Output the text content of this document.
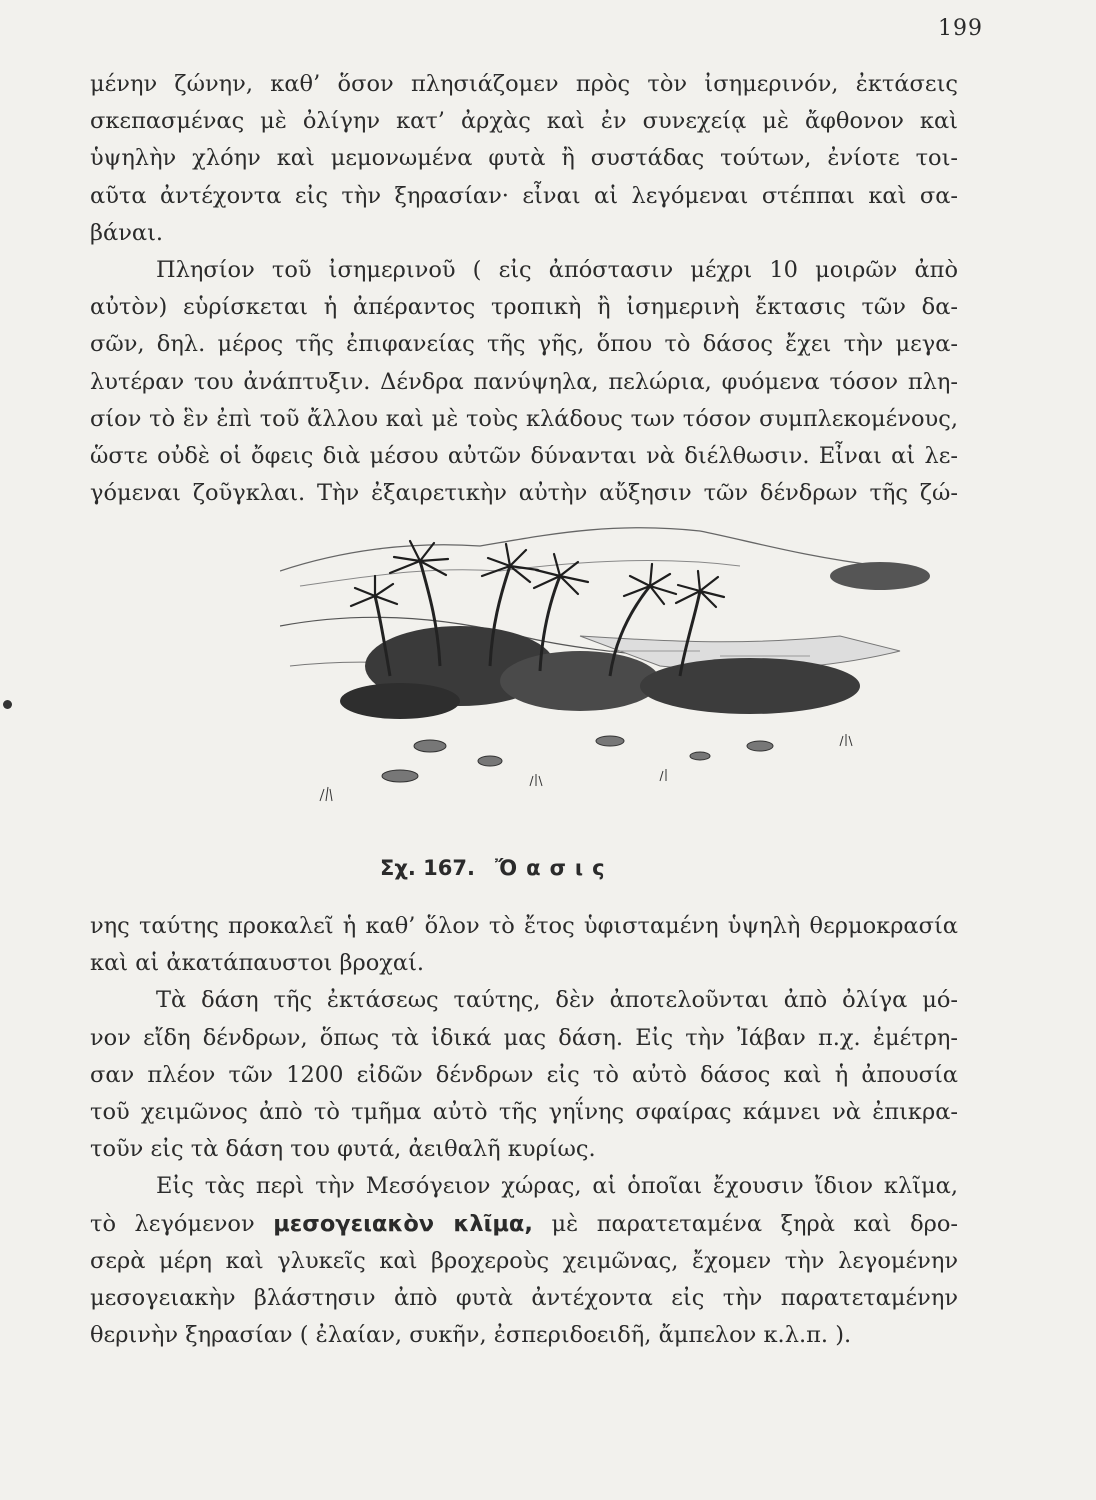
199
μένην ζώνην, καθ’ ὅσον πλησιάζομεν πρὸς τὸν ἰσημερινόν, ἐκτάσεις
σκεπασμένας μὲ ὀλίγην κατ’ ἀρχὰς καὶ ἐν συνεχείᾳ μὲ ἄφθονον καὶ
ὑψηλὴν χλόην καὶ μεμονωμένα φυτὰ ἢ συστάδας τούτων, ἐνίοτε τοι-
αῦτα ἀντέχοντα εἰς τὴν ξηρασίαν· εἶναι αἱ λεγόμεναι στέππαι καὶ σα-
βάναι.
Πλησίον τοῦ ἰσημερινοῦ ( εἰς ἀπόστασιν μέχρι 10 μοιρῶν ἀπὸ
αὐτὸν) εὑρίσκεται ἡ ἀπέραντος τροπικὴ ἢ ἰσημερινὴ ἔκτασις τῶν δα-
σῶν, δηλ. μέρος τῆς ἐπιφανείας τῆς γῆς, ὅπου τὸ δάσος ἔχει τὴν μεγα-
λυτέραν του ἀνάπτυξιν. Δένδρα πανύψηλα, πελώρια, φυόμενα τόσον πλη-
σίον τὸ ἓν ἐπὶ τοῦ ἄλλου καὶ μὲ τοὺς κλάδους των τόσον συμπλεκομένους,
ὥστε οὐδὲ οἱ ὄφεις διὰ μέσου αὐτῶν δύνανται νὰ διέλθωσιν. Εἶναι αἱ λε-
γόμεναι ζοῦγκλαι. Τὴν ἐξαιρετικὴν αὐτὴν αὔξησιν τῶν δένδρων τῆς ζώ-
Σχ. 167. Ὄασις
νης ταύτης προκαλεῖ ἡ καθ’ ὅλον τὸ ἔτος ὑφισταμένη ὑψηλὴ θερμοκρασία
καὶ αἱ ἀκατάπαυστοι βροχαί.
Τὰ δάση τῆς ἐκτάσεως ταύτης, δὲν ἀποτελοῦνται ἀπὸ ὀλίγα μό-
νον εἴδη δένδρων, ὅπως τὰ ἰδικά μας δάση. Εἰς τὴν Ἰάβαν π.χ. ἐμέτρη-
σαν πλέον τῶν 1200 εἰδῶν δένδρων εἰς τὸ αὐτὸ δάσος καὶ ἡ ἀπουσία
τοῦ χειμῶνος ἀπὸ τὸ τμῆμα αὐτὸ τῆς γηΐνης σφαίρας κάμνει νὰ ἐπικρα-
τοῦν εἰς τὰ δάση του φυτά, ἀειθαλῆ κυρίως.
Εἰς τὰς περὶ τὴν Μεσόγειον χώρας, αἱ ὁποῖαι ἔχουσιν ἴδιον κλῖμα,
τὸ λεγόμενον μεσογειακὸν κλῖμα, μὲ παρατεταμένα ξηρὰ καὶ δρο-
σερὰ μέρη καὶ γλυκεῖς καὶ βροχεροὺς χειμῶνας, ἔχομεν τὴν λεγομένην
μεσογειακὴν βλάστησιν ἀπὸ φυτὰ ἀντέχοντα εἰς τὴν παρατεταμένην
θερινὴν ξηρασίαν ( ἐλαίαν, συκῆν, ἐσπεριδοειδῆ, ἄμπελον κ.λ.π. ).
